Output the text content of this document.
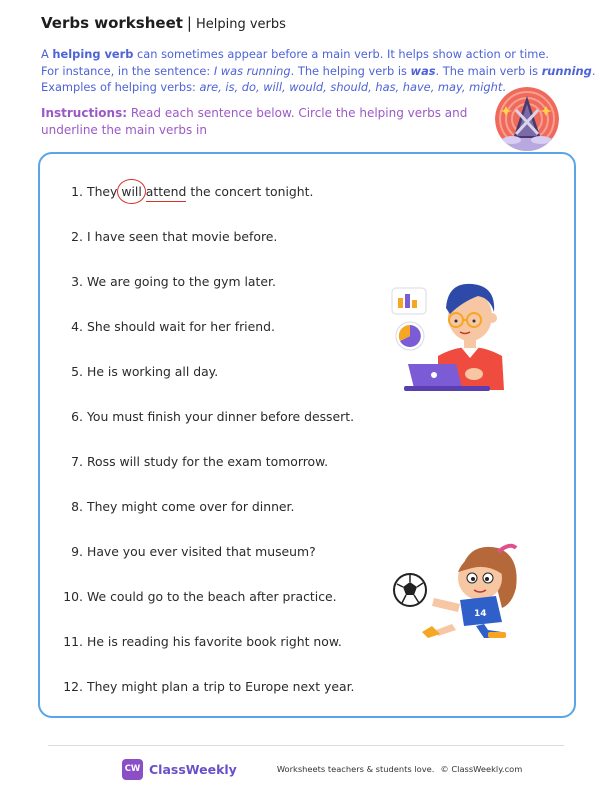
Verbs worksheet | Helping verbs
A helping verb can sometimes appear before a main verb. It helps show action or time.
For instance, in the sentence: I was running. The helping verb is was. The main verb is running.
Examples of helping verbs: are, is, do, will, would, should, has, have, may, might.
Instructions: Read each sentence below. Circle the helping verbs and
underline the main verbs in
1. They will attend the concert tonight.
2. I have seen that movie before.
3. We are going to the gym later.
4. She should wait for her friend.
5. He is working all day.
6. You must finish your dinner before dessert.
7. Ross will study for the exam tomorrow.
8. They might come over for dinner.
9. Have you ever visited that museum?
10. We could go to the beach after practice.
11. He is reading his favorite book right now.
12. They might plan a trip to Europe next year.
14
CW ClassWeekly	Worksheets teachers & students love. © ClassWeekly.com
